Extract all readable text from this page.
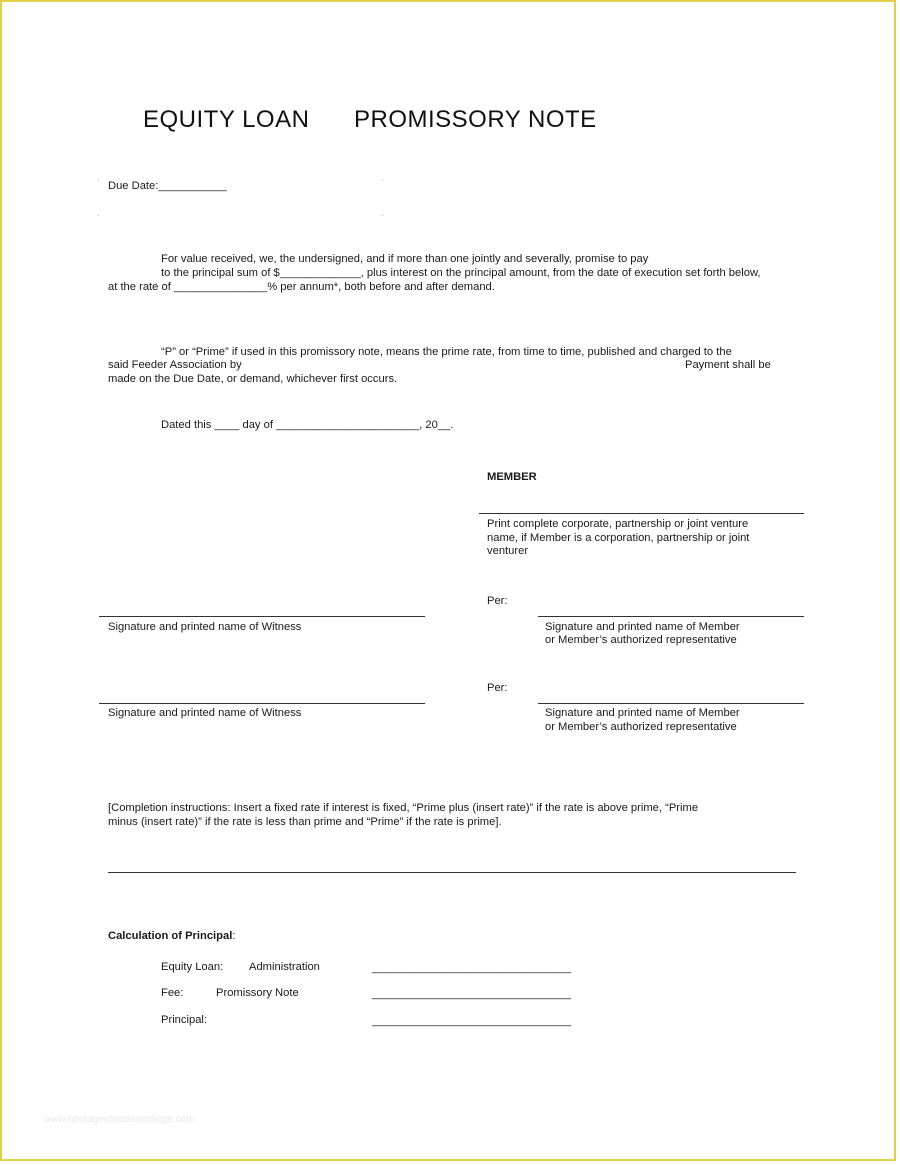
EQUITY LOAN PROMISSORY NOTE
Due Date:___________
For value received, we, the undersigned, and if more than one jointly and severally, promise to pay
to the principal sum of $_____________, plus interest on the principal amount, from the date of execution set forth below,
at the rate of _______________% per annum*, both before and after demand.
“P” or “Prime” if used in this promissory note, means the prime rate, from time to time, published and charged to the
said Feeder Association by	Payment shall be
made on the Due Date, or demand, whichever first occurs.
Dated this ____ day of _______________________, 20__.
MEMBER
Print complete corporate, partnership or joint venture
name, if Member is a corporation, partnership or joint
venturer
Per:
Signature and printed name of Witness	Signature and printed name of Member
or Member’s authorized representative
Per:
Signature and printed name of Witness	Signature and printed name of Member
or Member’s authorized representative
[Completion instructions: Insert a fixed rate if interest is fixed, “Prime plus (insert rate)” if the rate is above prime, “Prime
minus (insert rate)” if the rate is less than prime and “Prime” if the rate is prime].
Calculation of Principal:
Equity Loan: Administration	________________________________
Fee:	Promissory Note	________________________________
Principal:	________________________________
www.heritagechristiancollege.com
